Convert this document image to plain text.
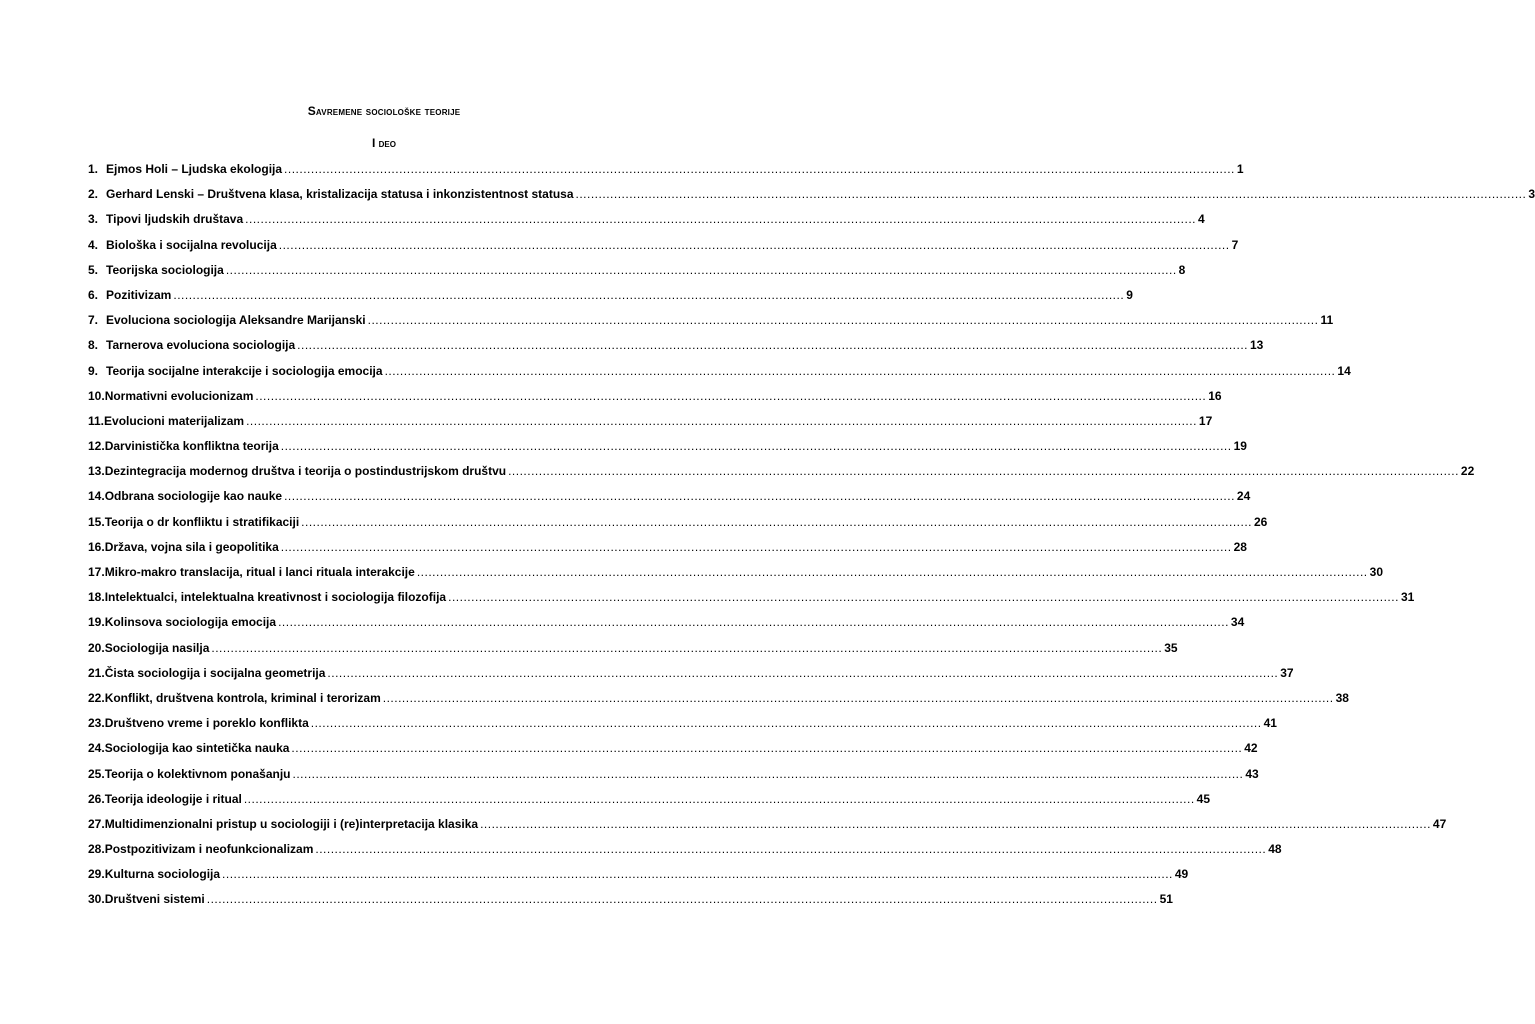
Savremene sociološke teorije
I deo
1. Ejmos Holi – Ljudska ekologija .....	1
2. Gerhard Lenski – Društvena klasa, kristalizacija statusa i inkonzistentnost statusa .....	3
3. Tipovi ljudskih društava .....	4
4. Biološka i socijalna revolucija .....	7
5. Teorijska sociologija .....	8
6. Pozitivizam .....	9
7. Evoluciona sociologija Aleksandre Marijanski .....	11
8. Tarnerova evoluciona sociologija .....	13
9. Teorija socijalne interakcije i sociologija emocija .....	14
10. Normativni evolucionizam .....	16
11. Evolucioni materijalizam .....	17
12. Darvinistička konfliktna teorija .....	19
13. Dezintegracija modernog društva i teorija o postindustrijskom društvu .....	22
14. Odbrana sociologije kao nauke .....	24
15. Teorija o dr konfliktu i stratifikaciji .....	26
16. Država, vojna sila i geopolitika .....	28
17. Mikro-makro translacija, ritual i lanci rituala interakcije .....	30
18. Intelektualci, intelektualna kreativnost i sociologija filozofija .....	31
19. Kolinsova sociologija emocija .....	34
20. Sociologija nasilja .....	35
21. Čista sociologija i socijalna geometrija .....	37
22. Konflikt, društvena kontrola, kriminal i terorizam .....	38
23. Društveno vreme i poreklo konflikta .....	41
24. Sociologija kao sintetička nauka .....	42
25. Teorija o kolektivnom ponašanju .....	43
26. Teorija ideologije i ritual .....	45
27. Multidimenzionalni pristup u sociologiji i (re)interpretacija klasika .....	47
28. Postpozitivizam i neofunkcionalizam .....	48
29. Kulturna sociologija .....	49
30. Društveni sistemi .....	51
